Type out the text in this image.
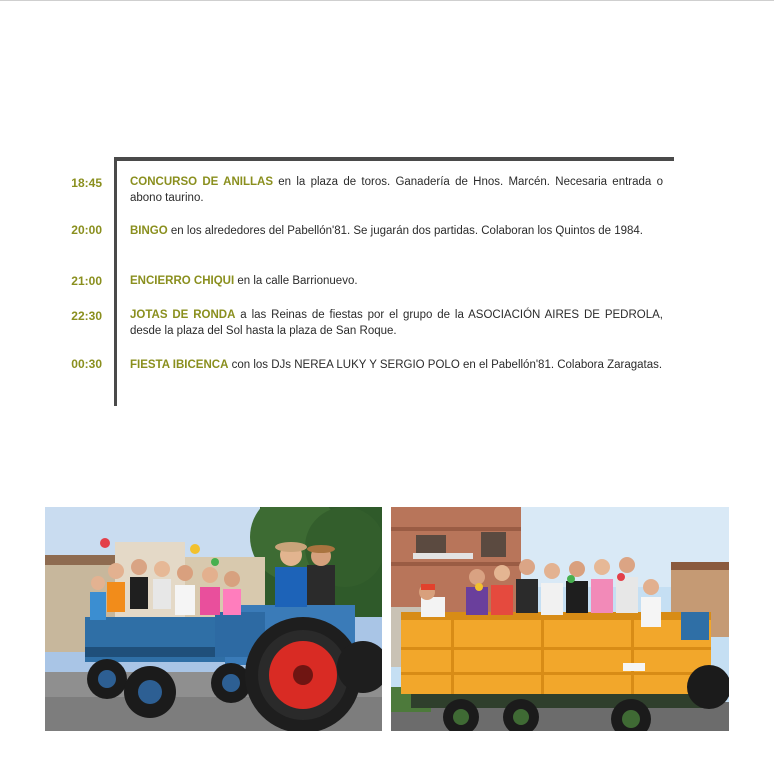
18:45 CONCURSO DE ANILLAS en la plaza de toros. Ganadería de Hnos. Marcén. Necesaria entrada o abono taurino.
20:00 BINGO en los alrededores del Pabellón'81. Se jugarán dos partidas. Colaboran los Quintos de 1984.
21:00 ENCIERRO CHIQUI en la calle Barrionuevo.
22:30 JOTAS DE RONDA a las Reinas de fiestas por el grupo de la ASOCIACIÓN AIRES DE PEDROLA, desde la plaza del Sol hasta la plaza de San Roque.
00:30 FIESTA IBICENCA con los DJs NEREA LUKY Y SERGIO POLO en el Pabellón'81. Colabora Zaragatas.
